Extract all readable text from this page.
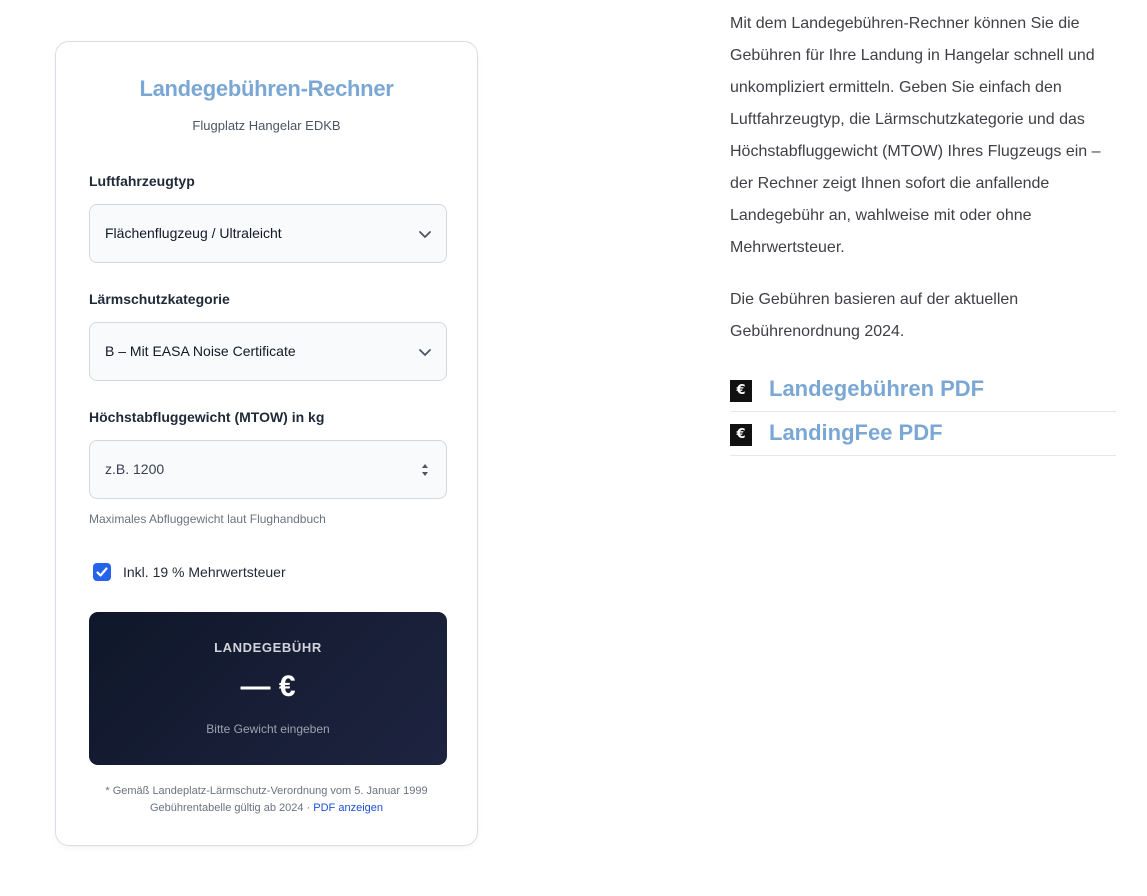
Landegebühren-Rechner
Flugplatz Hangelar EDKB
Luftfahrzeugtyp
Flächenflugzeug / Ultraleicht
Lärmschutzkategorie
B – Mit EASA Noise Certificate
Höchstabfluggewicht (MTOW) in kg
z.B. 1200
Maximales Abfluggewicht laut Flughandbuch
Inkl. 19 % Mehrwertsteuer
LANDEGEBÜHR
— €
Bitte Gewicht eingeben
* Gemäß Landeplatz-Lärmschutz-Verordnung vom 5. Januar 1999
Gebührentabelle gültig ab 2024 · PDF anzeigen

Mit dem Landegebühren-Rechner können Sie die Gebühren für Ihre Landung in Hangelar schnell und unkompliziert ermitteln. Geben Sie einfach den Luftfahrzeugtyp, die Lärmschutzkategorie und das Höchstabfluggewicht (MTOW) Ihres Flugzeugs ein – der Rechner zeigt Ihnen sofort die anfallende Landegebühr an, wahlweise mit oder ohne Mehrwertsteuer.

Die Gebühren basieren auf der aktuellen Gebührenordnung 2024.

€ Landegebühren PDF
€ LandingFee PDF
